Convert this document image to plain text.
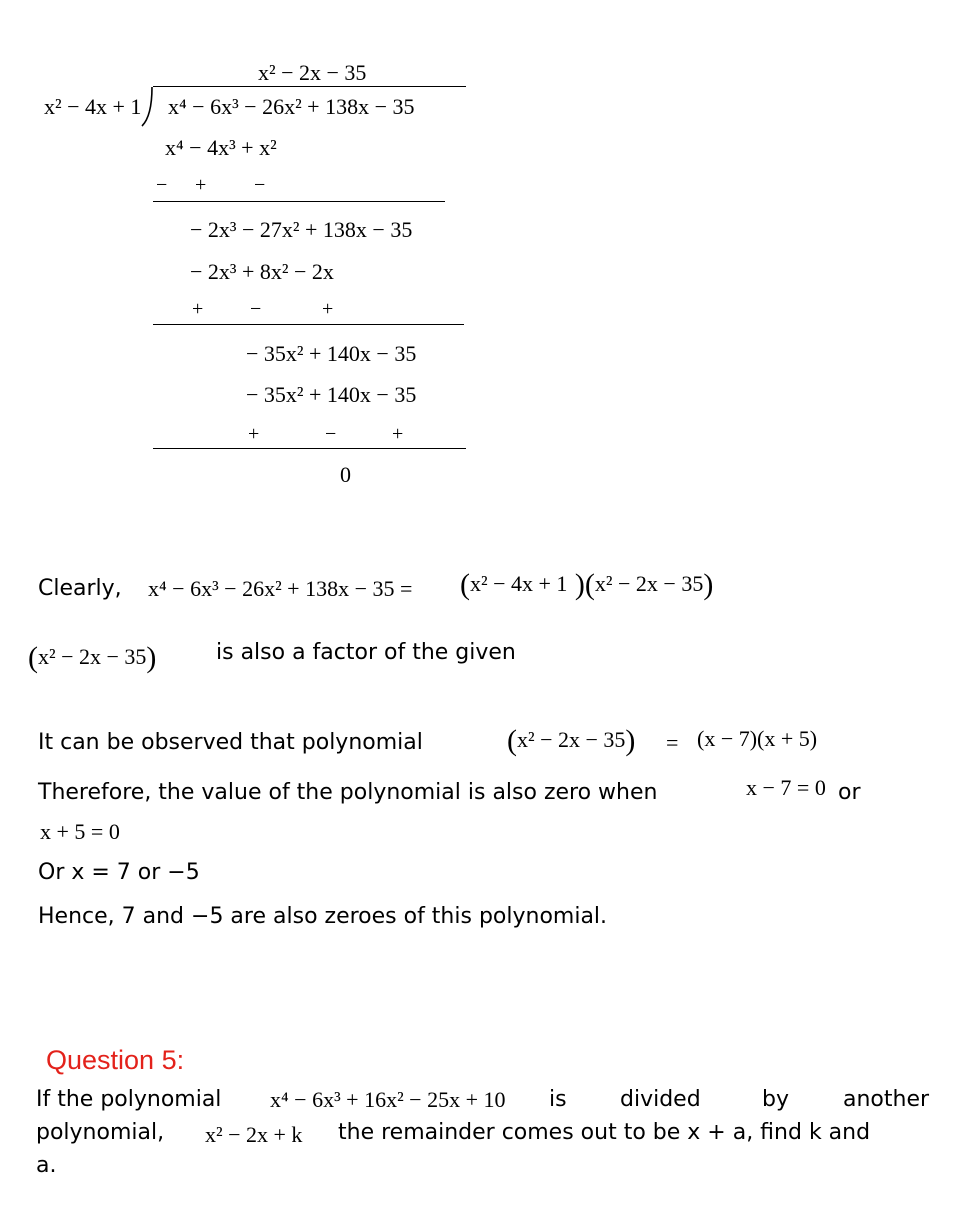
x² − 2x − 35
x² − 4x + 1 x⁴ − 6x³ − 26x² + 138x − 35
x⁴ − 4x³ + x²
− + −
− 2x³ − 27x² + 138x − 35
− 2x³ + 8x² − 2x
+ −	+
− 35x² + 140x − 35
− 35x² + 140x − 35
+	−	+
0
Clearly, x⁴ − 6x³ − 26x² + 138x − 35 = (x² − 4x + 1 )(x² − 2x − 35)
(x² − 2x − 35)	is also a factor of the given
It can be observed that polynomial	(x² − 2x − 35) = (x − 7)(x + 5)
Therefore, the value of the polynomial is also zero when	x − 7 = 0 or
x + 5 = 0
Or x = 7 or −5
Hence, 7 and −5 are also zeroes of this polynomial.
Question 5:
If the polynomial x⁴ − 6x³ + 16x² − 25x + 10 is divided	by another
polynomial, x² − 2x + k the remainder comes out to be x + a, find k and
a.
